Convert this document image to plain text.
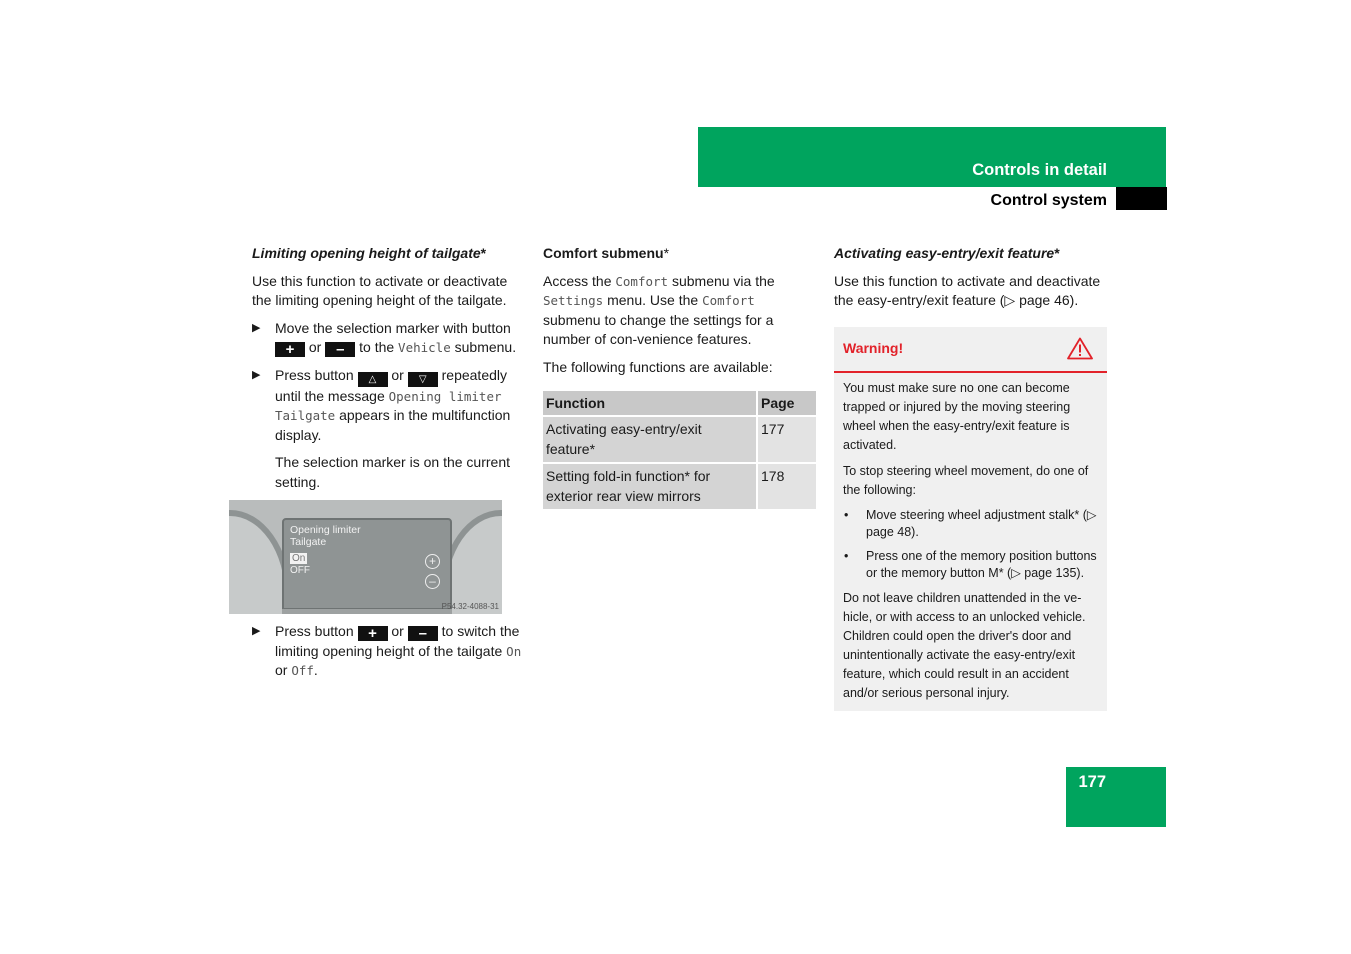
Controls in detail
Control system
Limiting opening height of tailgate*

Use this function to activate or deactivate the limiting opening height of the tailgate.

▶ Move the selection marker with button + or – to the Vehicle submenu.
▶ Press button △ or ▽ repeatedly until the message Opening limiter Tailgate appears in the multifunction display.

The selection marker is on the current setting.

Opening limiter
Tailgate
On
OFF
+
–
P54.32-4088-31
▶ Press button + or – to switch the limiting opening height of the tailgate On or Off.
Comfort submenu*

Access the Comfort submenu via the Settings menu. Use the Comfort submenu to change the settings for a number of con-venience features.

The following functions are available:

Function	Page
Activating easy-entry/exit feature*	177
Setting fold-in function* for exterior rear view mirrors	178
Activating easy-entry/exit feature*

Use this function to activate and deactivate the easy-entry/exit feature (▷ page 46).

Warning!

You must make sure no one can become trapped or injured by the moving steering wheel when the easy-entry/exit feature is activated.

To stop steering wheel movement, do one of the following:

• Move steering wheel adjustment stalk* (▷ page 48).
• Press one of the memory position buttons or the memory button M* (▷ page 135).

Do not leave children unattended in the ve-hicle, or with access to an unlocked vehicle. Children could open the driver's door and unintentionally activate the easy-entry/exit feature, which could result in an accident and/or serious personal injury.

177
